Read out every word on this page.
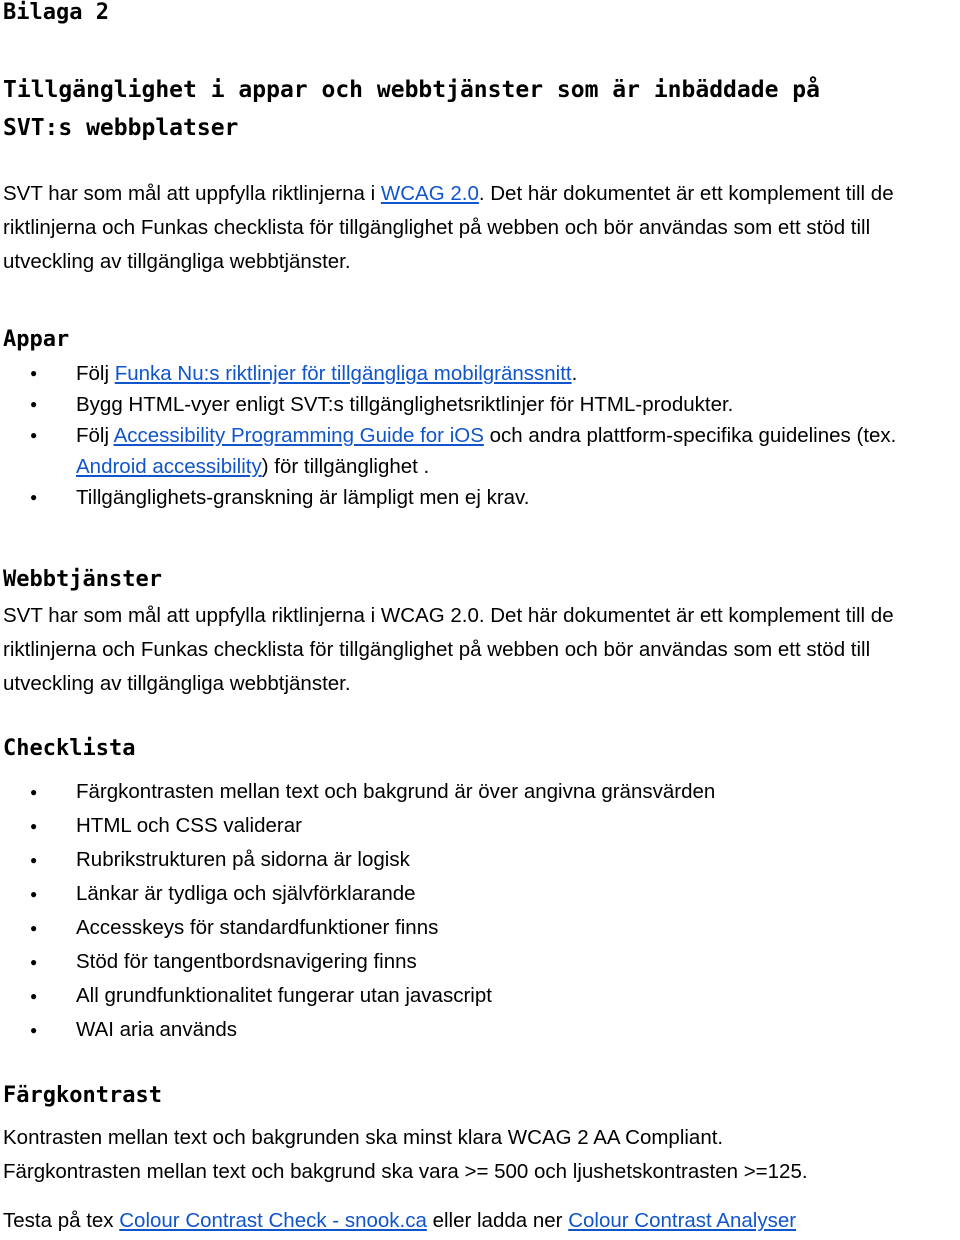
Bilaga 2
Tillgänglighet i appar och webbtjänster som är inbäddade på SVT:s webbplatser

SVT har som mål att uppfylla riktlinjerna i WCAG 2.0. Det här dokumentet är ett komplement till de riktlinjerna och Funkas checklista för tillgänglighet på webben och bör användas som ett stöd till utveckling av tillgängliga webbtjänster.

Appar
● Följ Funka Nu:s riktlinjer för tillgängliga mobilgränssnitt.
● Bygg HTML-vyer enligt SVT:s tillgänglighetsriktlinjer för HTML-produkter.
● Följ Accessibility Programming Guide for iOS och andra plattform-specifika guidelines (tex. Android accessibility) för tillgänglighet .
● Tillgänglighets-granskning är lämpligt men ej krav.
Webbtjänster

SVT har som mål att uppfylla riktlinjerna i WCAG 2.0. Det här dokumentet är ett komplement till de riktlinjerna och Funkas checklista för tillgänglighet på webben och bör användas som ett stöd till utveckling av tillgängliga webbtjänster.

Checklista
● Färgkontrasten mellan text och bakgrund är över angivna gränsvärden
● HTML och CSS validerar
● Rubrikstrukturen på sidorna är logisk
● Länkar är tydliga och självförklarande
● Accesskeys för standardfunktioner finns
● Stöd för tangentbordsnavigering finns
● All grundfunktionalitet fungerar utan javascript
● WAI aria används
Färgkontrast

Kontrasten mellan text och bakgrunden ska minst klara WCAG 2 AA Compliant.

Färgkontrasten mellan text och bakgrund ska vara >= 500 och ljushetskontrasten >=125.

Testa på tex Colour Contrast Check - snook.ca eller ladda ner Colour Contrast Analyser
